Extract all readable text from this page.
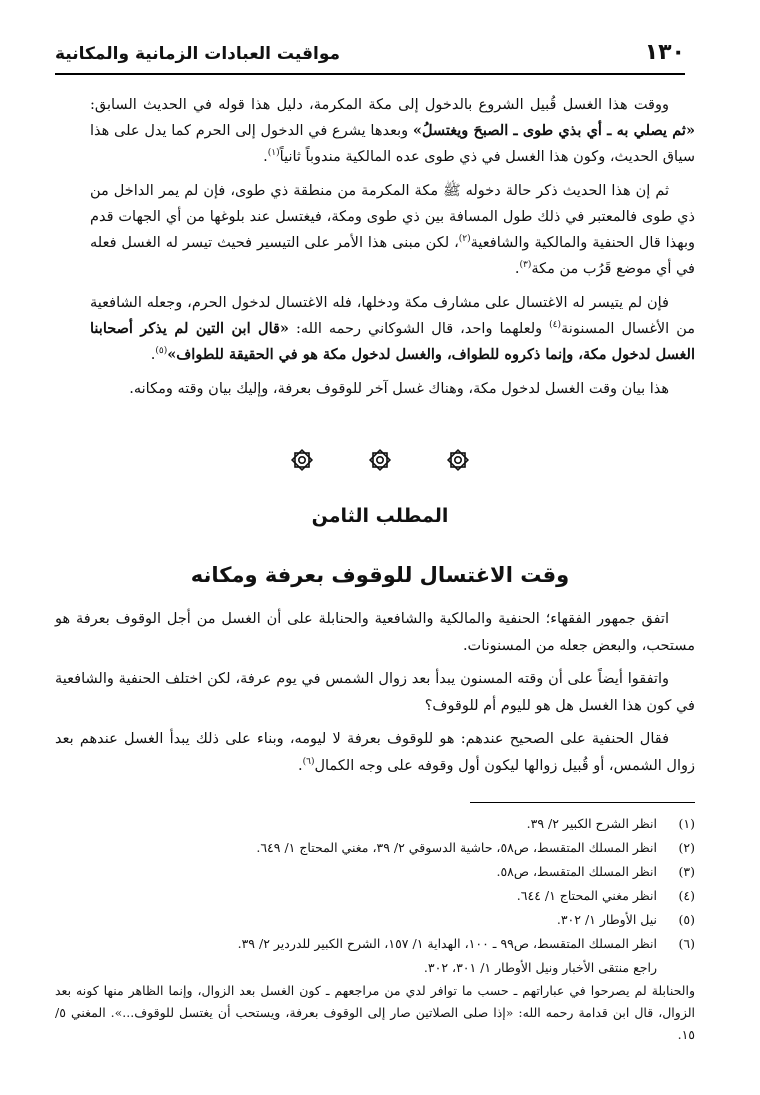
١٣٠
مواقيت العبادات الزمانية والمكانية

ووقت هذا الغسل قُبيل الشروع بالدخول إلى مكة المكرمة، دليل هذا قوله في الحديث السابق: «ثم يصلي به ـ أي بذي طوى ـ الصبحَ ويغتسلُ» وبعدها يشرع في الدخول إلى الحرم كما يدل على هذا سياق الحديث، وكون هذا الغسل في ذي طوى عده المالكية مندوباً ثانياً$^{(١)}$.

ثم إن هذا الحديث ذكر حالة دخوله ﷺ مكة المكرمة من منطقة ذي طوى، فإن لم يمر الداخل من ذي طوى فالمعتبر في ذلك طول المسافة بين ذي طوى ومكة، فيغتسل عند بلوغها من أي الجهات قدم وبهذا قال الحنفية والمالكية والشافعية$^{(٢)}$، لكن مبنى هذا الأمر على التيسير فحيث تيسر له الغسل فعله في أي موضع قَرُب من مكة$^{(٣)}$.

فإن لم يتيسر له الاغتسال على مشارف مكة ودخلها، فله الاغتسال لدخول الحرم، وجعله الشافعية من الأغسال المسنونة$^{(٤)}$ ولعلهما واحد، قال الشوكاني رحمه الله: «قال ابن التين لم يذكر أصحابنا الغسل لدخول مكة، وإنما ذكروه للطواف، والغسل لدخول مكة هو في الحقيقة للطواف»$^{(٥)}$.

هذا بيان وقت الغسل لدخول مكة، وهناك غسل آخر للوقوف بعرفة، وإليك بيان وقته ومكانه.

المطلب الثامن
وقت الاغتسال للوقوف بعرفة ومكانه

اتفق جمهور الفقهاء؛ الحنفية والمالكية والشافعية والحنابلة على أن الغسل من أجل الوقوف بعرفة هو مستحب، والبعض جعله من المسنونات.

واتفقوا أيضاً على أن وقته المسنون يبدأ بعد زوال الشمس في يوم عرفة، لكن اختلف الحنفية والشافعية في كون هذا الغسل هل هو لليوم أم للوقوف؟

فقال الحنفية على الصحيح عندهم: هو للوقوف بعرفة لا ليومه، وبناء على ذلك يبدأ الغسل عندهم بعد زوال الشمس، أو قُبيل زوالها ليكون أول وقوفه على وجه الكمال$^{(٦)}$.

(١)
انظر الشرح الكبير ٢/ ٣٩.
(٢)
انظر المسلك المتقسط، ص٥٨، حاشية الدسوقي ٢/ ٣٩، مغني المحتاج ١/ ٦٤٩.
(٣)
انظر المسلك المتقسط، ص٥٨.
(٤)
انظر مغني المحتاج ١/ ٦٤٤.
(٥)
نيل الأوطار ١/ ٣٠٢.
(٦)
انظر المسلك المتقسط، ص٩٩ ـ ١٠٠، الهداية ١/ ١٥٧، الشرح الكبير للدردير ٢/ ٣٩.
راجع منتقى الأخبار ونيل الأوطار ١/ ٣٠١، ٣٠٢.
والحنابلة لم يصرحوا في عباراتهم ـ حسب ما توافر لدي من مراجعهم ـ كون الغسل بعد الزوال، وإنما الظاهر منها كونه بعد الزوال، قال ابن قدامة رحمه الله: «إذا صلى الصلاتين صار إلى الوقوف بعرفة، ويستحب أن يغتسل للوقوف...». المغني ٥/ ١٥.
